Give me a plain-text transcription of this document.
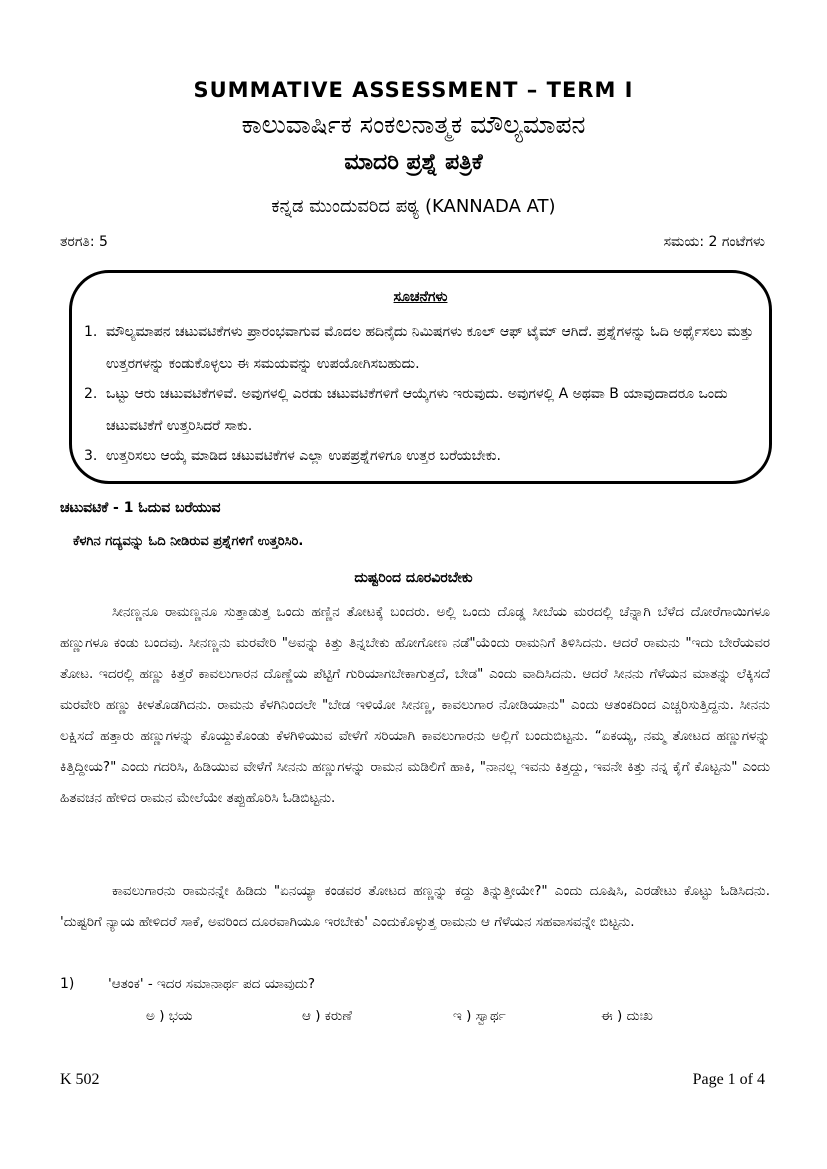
SUMMATIVE ASSESSMENT – TERM I
ಕಾಲುವಾರ್ಷಿಕ ಸಂಕಲನಾತ್ಮಕ ಮೌಲ್ಯಮಾಪನ
ಮಾದರಿ ಪ್ರಶ್ನೆ ಪತ್ರಿಕೆ
ಕನ್ನಡ ಮುಂದುವರಿದ ಪಠ್ಯ (KANNADA AT)
ತರಗತಿ: 5	ಸಮಯ: 2 ಗಂಟೆಗಳು
ಸೂಚನೆಗಳು
1. ಮೌಲ್ಯಮಾಪನ ಚಟುವಟಿಕೆಗಳು ಪ್ರಾರಂಭವಾಗುವ ಮೊದಲ ಹದಿನೈದು ನಿಮಿಷಗಳು ಕೂಲ್ ಆಫ್ ಟೈಮ್ ಆಗಿದೆ. ಪ್ರಶ್ನೆಗಳನ್ನು ಓದಿ ಅರ್ಥೈಸಲು ಮತ್ತು ಉತ್ತರಗಳನ್ನು ಕಂಡುಕೊಳ್ಳಲು ಈ ಸಮಯವನ್ನು ಉಪಯೋಗಿಸಬಹುದು.
2. ಒಟ್ಟು ಆರು ಚಟುವಟಿಕೆಗಳಿವೆ. ಅವುಗಳಲ್ಲಿ ಎರಡು ಚಟುವಟಿಕೆಗಳಿಗೆ ಆಯ್ಕೆಗಳು ಇರುವುದು. ಅವುಗಳಲ್ಲಿ A ಅಥವಾ B ಯಾವುದಾದರೂ ಒಂದು ಚಟುವಟಿಕೆಗೆ ಉತ್ತರಿಸಿದರೆ ಸಾಕು.
3. ಉತ್ತರಿಸಲು ಆಯ್ಕೆ ಮಾಡಿದ ಚಟುವಟಿಕೆಗಳ ಎಲ್ಲಾ ಉಪಪ್ರಶ್ನೆಗಳಿಗೂ ಉತ್ತರ ಬರೆಯಬೇಕು.
ಚಟುವಟಿಕೆ - 1 ಓದುವ ಬರೆಯುವ
ಕೆಳಗಿನ ಗದ್ಯವನ್ನು ಓದಿ ನೀಡಿರುವ ಪ್ರಶ್ನೆಗಳಿಗೆ ಉತ್ತರಿಸಿರಿ.
ದುಷ್ಟರಿಂದ ದೂರವಿರಬೇಕು
ಸೀನಣ್ಣನೂ ರಾಮಣ್ಣನೂ ಸುತ್ತಾಡುತ್ತ ಒಂದು ಹಣ್ಣಿನ ತೋಟಕ್ಕೆ ಬಂದರು. ಅಲ್ಲಿ ಒಂದು ದೊಡ್ಡ ಸೀಬೆಯ ಮರದಲ್ಲಿ ಚೆನ್ನಾಗಿ ಬೆಳೆದ ದೋರೆಗಾಯಿಗಳೂ ಹಣ್ಣುಗಳೂ ಕಂಡು ಬಂದವು. ಸೀನಣ್ಣನು ಮರವೇರಿ "ಅವನ್ನು ಕಿತ್ತು ತಿನ್ನಬೇಕು ಹೋಗೋಣ ನಡೆ"ಯೆಂದು ರಾಮನಿಗೆ ತಿಳಿಸಿದನು. ಆದರೆ ರಾಮನು "ಇದು ಬೇರೆಯವರ ತೋಟ. ಇದರಲ್ಲಿ ಹಣ್ಣು ಕಿತ್ತರೆ ಕಾವಲುಗಾರನ ದೊಣ್ಣೆಯ ಪೆಟ್ಟಿಗೆ ಗುರಿಯಾಗಬೇಕಾಗುತ್ತದೆ, ಬೇಡ" ಎಂದು ವಾದಿಸಿದನು. ಆದರೆ ಸೀನನು ಗೆಳೆಯನ ಮಾತನ್ನು ಲೆಕ್ಕಿಸದೆ ಮರವೇರಿ ಹಣ್ಣು ಕೀಳತೊಡಗಿದನು. ರಾಮನು ಕೆಳಗಿನಿಂದಲೇ "ಬೇಡ ಇಳಿಯೋ ಸೀನಣ್ಣ, ಕಾವಲುಗಾರ ನೋಡಿಯಾನು" ಎಂದು ಆತಂಕದಿಂದ ಎಚ್ಚರಿಸುತ್ತಿದ್ದನು. ಸೀನನು ಲಕ್ಷಿಸದೆ ಹತ್ತಾರು ಹಣ್ಣುಗಳನ್ನು ಕೊಯ್ದುಕೊಂಡು ಕೆಳಗಿಳಿಯುವ ವೇಳೆಗೆ ಸರಿಯಾಗಿ ಕಾವಲುಗಾರನು ಅಲ್ಲಿಗೆ ಬಂದುಬಿಟ್ಟನು. “ಏಕಯ್ಯ, ನಮ್ಮ ತೋಟದ ಹಣ್ಣುಗಳನ್ನು ಕಿತ್ತಿದ್ದೀಯ?" ಎಂದು ಗದರಿಸಿ, ಹಿಡಿಯುವ ವೇಳೆಗೆ ಸೀನನು ಹಣ್ಣುಗಳನ್ನು ರಾಮನ ಮಡಿಲಿಗೆ ಹಾಕಿ, "ನಾನಲ್ಲ ಇವನು ಕಿತ್ತದ್ದು, ಇವನೇ ಕಿತ್ತು ನನ್ನ ಕೈಗೆ ಕೊಟ್ಟನು" ಎಂದು ಹಿತವಚನ ಹೇಳಿದ ರಾಮನ ಮೇಲೆಯೇ ತಪ್ಪುಹೊರಿಸಿ ಓಡಿಬಿಟ್ಟನು.
ಕಾವಲುಗಾರನು ರಾಮನನ್ನೇ ಹಿಡಿದು "ಏನಯ್ಯಾ ಕಂಡವರ ತೋಟದ ಹಣ್ಣನ್ನು ಕದ್ದು ತಿನ್ನುತ್ತೀಯೇ?" ಎಂದು ದೂಷಿಸಿ, ಎರಡೇಟು ಕೊಟ್ಟು ಓಡಿಸಿದನು. 'ದುಷ್ಟರಿಗೆ ನ್ಯಾಯ ಹೇಳಿದರೆ ಸಾಕೆ, ಅವರಿಂದ ದೂರವಾಗಿಯೂ ಇರಬೇಕು' ಎಂದುಕೊಳ್ಳುತ್ತ ರಾಮನು ಆ ಗೆಳೆಯನ ಸಹವಾಸವನ್ನೇ ಬಿಟ್ಟನು.
1) 'ಆತಂಕ' - ಇದರ ಸಮಾನಾರ್ಥ ಪದ ಯಾವುದು?
ಅ ) ಭಯ	ಆ ) ಕರುಣೆ	ಇ ) ಸ್ವಾರ್ಥ	ಈ ) ದುಃಖ
K 502	Page 1 of 4
